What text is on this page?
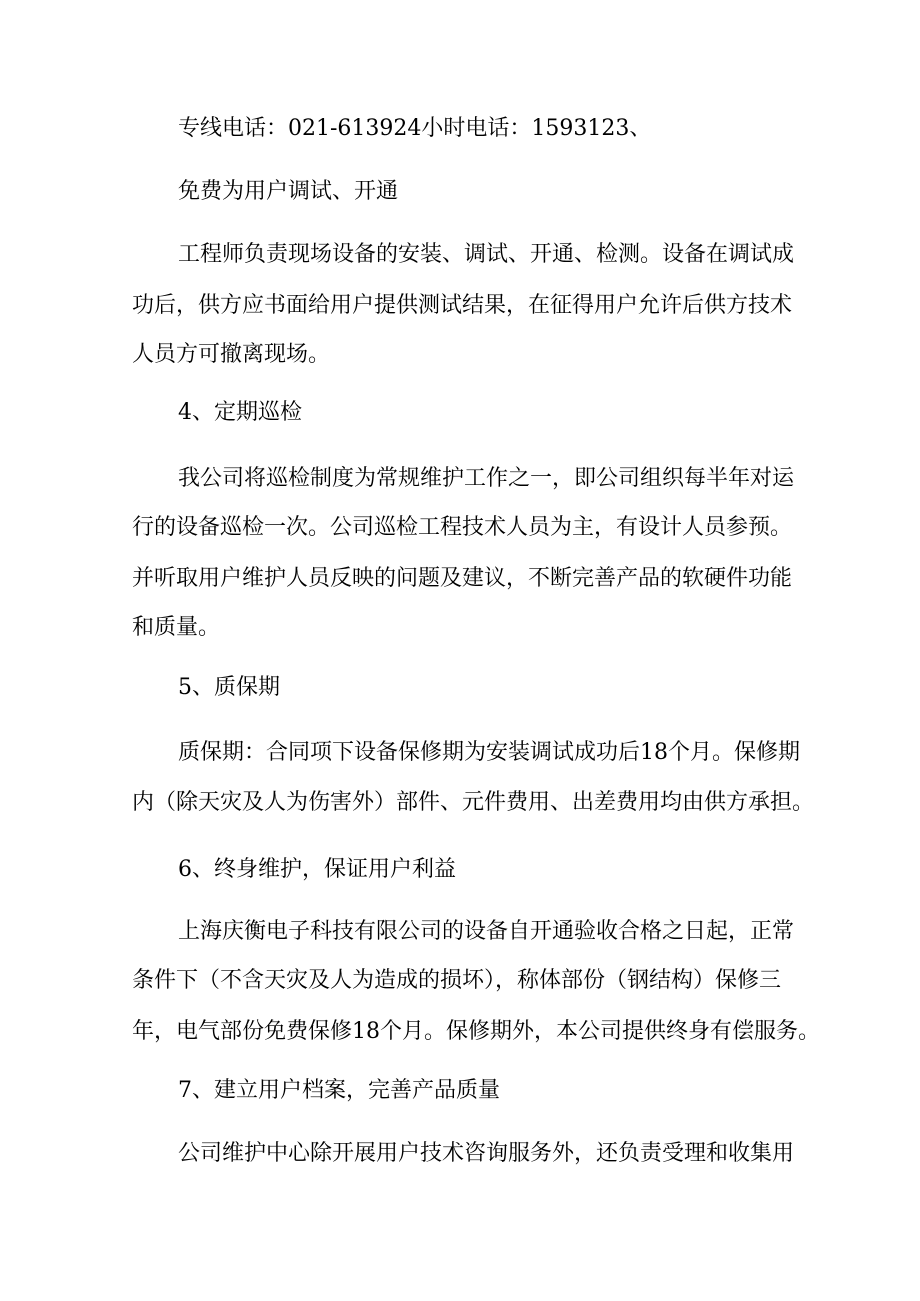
专线电话：021-613924小时电话：1593123、
免费为用户调试、开通
工程师负责现场设备的安装、调试、开通、检测。设备在调试成
功后，供方应书面给用户提供测试结果，在征得用户允许后供方技术
人员方可撤离现场。
4、定期巡检
我公司将巡检制度为常规维护工作之一，即公司组织每半年对运
行的设备巡检一次。公司巡检工程技术人员为主，有设计人员参预。
并听取用户维护人员反映的问题及建议，不断完善产品的软硬件功能
和质量。
5、质保期
质保期：合同项下设备保修期为安装调试成功后18个月。保修期
内（除天灾及人为伤害外）部件、元件费用、出差费用均由供方承担。
6、终身维护，保证用户利益
上海庆衡电子科技有限公司的设备自开通验收合格之日起，正常
条件下（不含天灾及人为造成的损坏），称体部份（钢结构）保修三
年，电气部份免费保修18个月。保修期外，本公司提供终身有偿服务。
7、建立用户档案，完善产品质量
公司维护中心除开展用户技术咨询服务外，还负责受理和收集用
